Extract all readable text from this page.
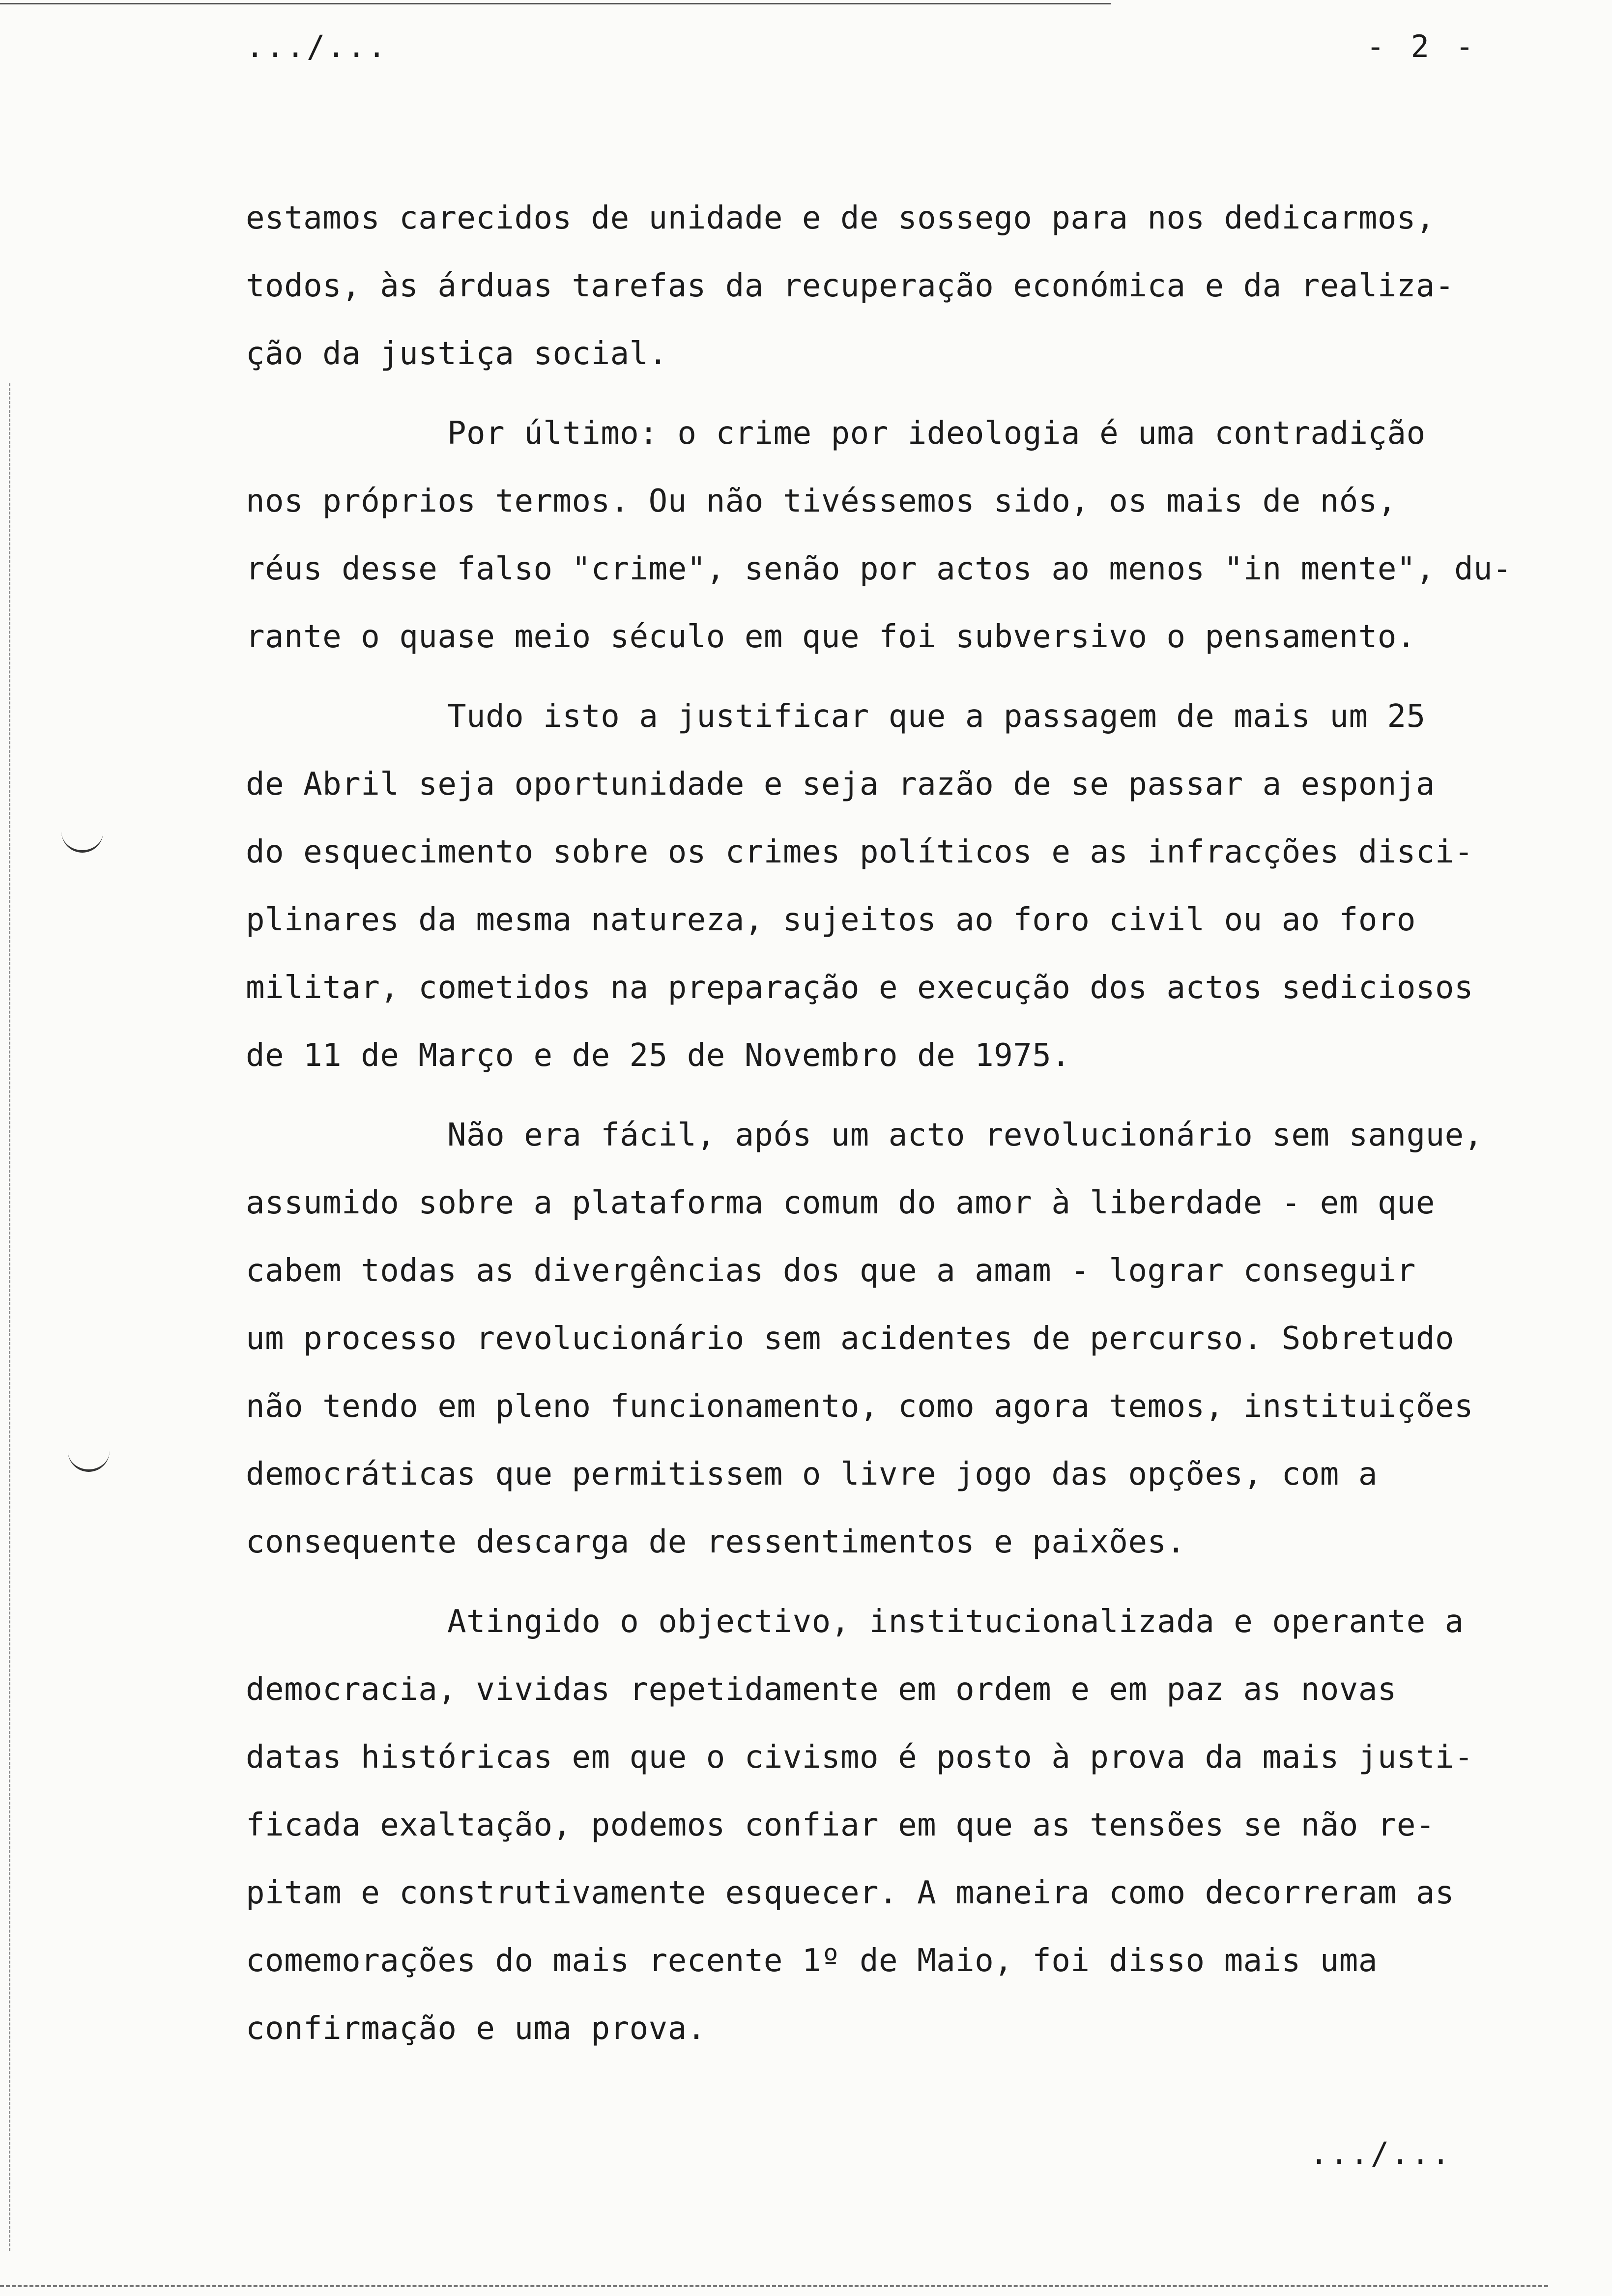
.../...	- 2 -
estamos carecidos de unidade e de sossego para nos dedicarmos,
todos, às árduas tarefas da recuperação económica e da realiza-
ção da justiça social.
Por último: o crime por ideologia é uma contradição
nos próprios termos. Ou não tivéssemos sido, os mais de nós,
réus desse falso "crime", senão por actos ao menos "in mente", du-
rante o quase meio século em que foi subversivo o pensamento.
Tudo isto a justificar que a passagem de mais um 25
de Abril seja oportunidade e seja razão de se passar a esponja
do esquecimento sobre os crimes políticos e as infracções disci-
plinares da mesma natureza, sujeitos ao foro civil ou ao foro
militar, cometidos na preparação e execução dos actos sediciosos
de 11 de Março e de 25 de Novembro de 1975.
Não era fácil, após um acto revolucionário sem sangue,
assumido sobre a plataforma comum do amor à liberdade - em que
cabem todas as divergências dos que a amam - lograr conseguir
um processo revolucionário sem acidentes de percurso. Sobretudo
não tendo em pleno funcionamento, como agora temos, instituições
democráticas que permitissem o livre jogo das opções, com a
consequente descarga de ressentimentos e paixões.
Atingido o objectivo, institucionalizada e operante a
democracia, vividas repetidamente em ordem e em paz as novas
datas históricas em que o civismo é posto à prova da mais justi-
ficada exaltação, podemos confiar em que as tensões se não re-
pitam e construtivamente esquecer. A maneira como decorreram as
comemorações do mais recente 1º de Maio, foi disso mais uma
confirmação e uma prova.
.../...
